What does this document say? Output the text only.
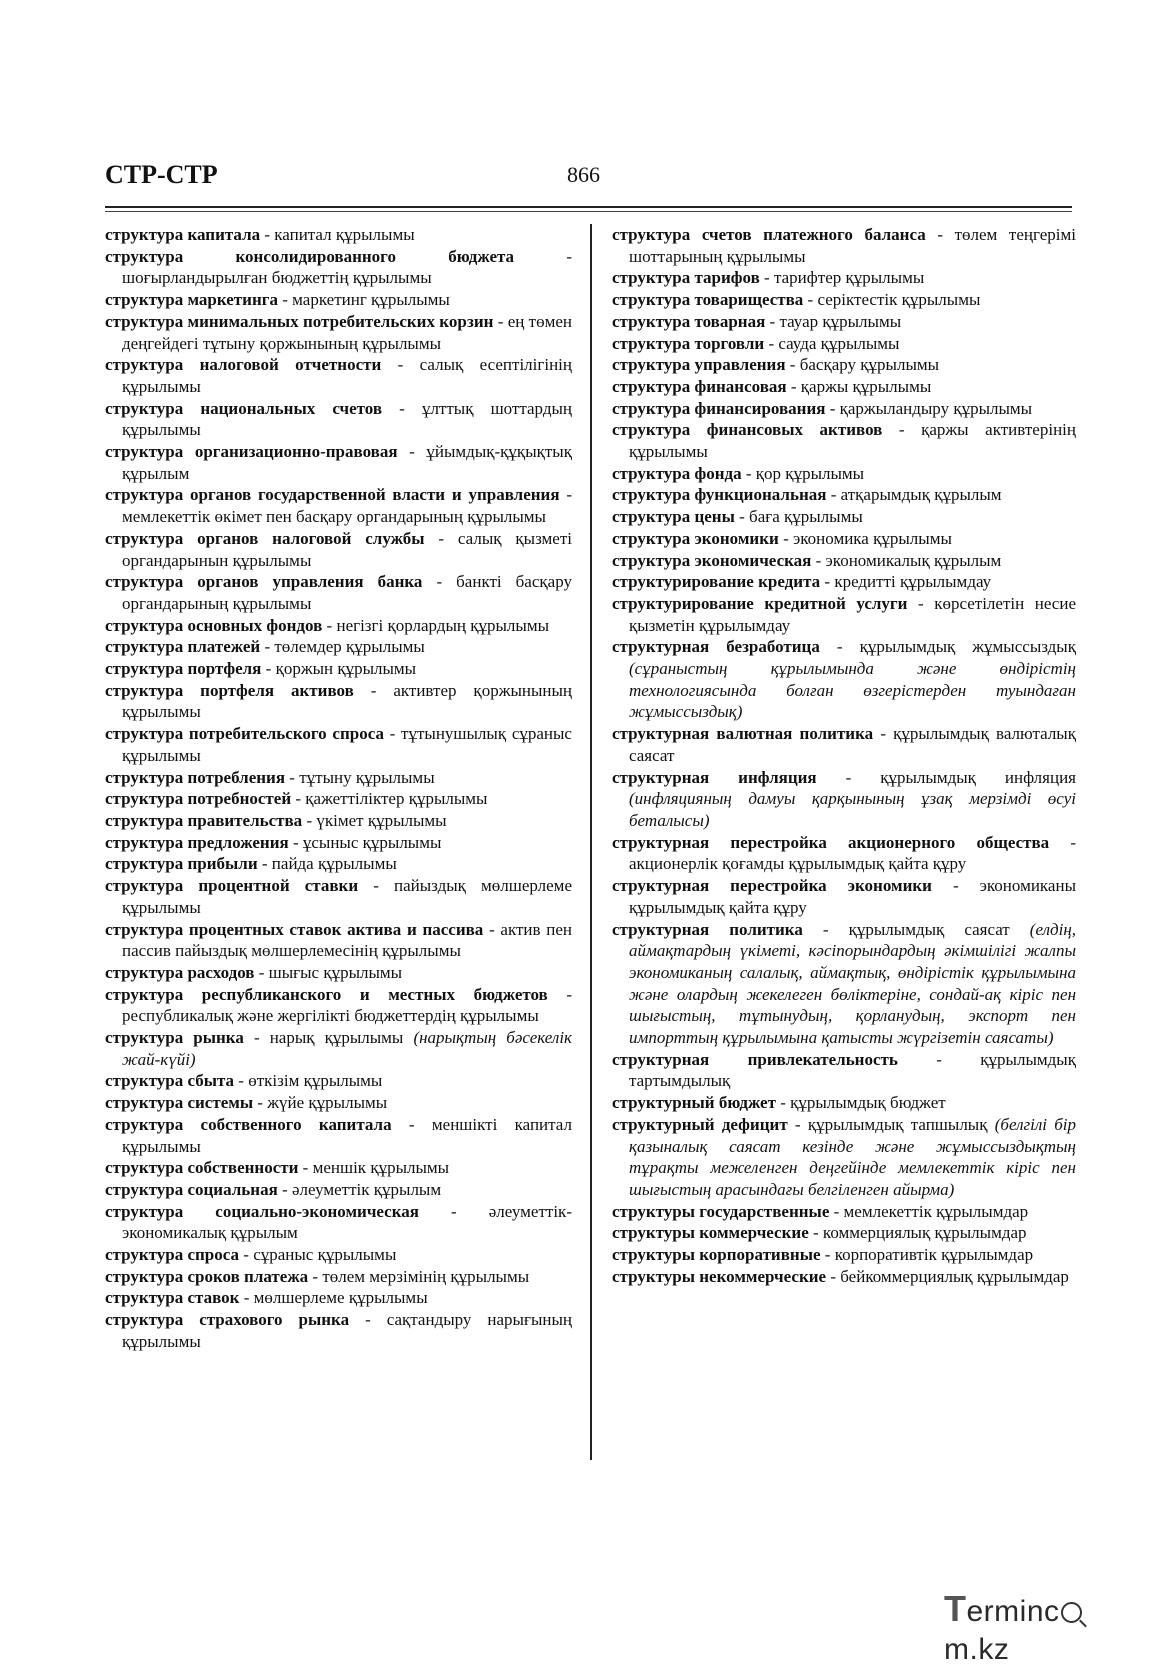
СТР-СТР	866

структура капитала - капитал құрылымы

структура консолидированного бюджета - шоғырландырылған бюджеттің құрылымы

структура маркетинга - маркетинг құрылымы

структура минимальных потребительских корзин - ең төмен деңгейдегі тұтыну қоржынының құрылымы

структура налоговой отчетности - салық есептілігінің құрылымы

структура национальных счетов - ұлттық шоттардың құрылымы

структура организационно-правовая - ұйымдық-құқықтық құрылым

структура органов государственной власти и управления - мемлекеттік өкімет пен басқару органдарының құрылымы

структура органов налоговой службы - салық қызметі органдарынын құрылымы

структура органов управления банка - банкті басқару органдарының құрылымы

структура основных фондов - негізгі қорлардың құрылымы

структура платежей - төлемдер құрылымы

структура портфеля - қоржын құрылымы

структура портфеля активов - активтер қоржынының құрылымы

структура потребительского спроса - тұтынушылық сұраныс құрылымы

структура потребления - тұтыну құрылымы

структура потребностей - қажеттіліктер құрылымы

структура правительства - үкімет құрылымы

структура предложения - ұсыныс құрылымы

структура прибыли - пайда құрылымы

структура процентной ставки - пайыздық мөлшерлеме құрылымы

структура процентных ставок актива и пассива - актив пен пассив пайыздық мөлшерлемесінің құрылымы

структура расходов - шығыс құрылымы

структура республиканского и местных бюджетов - республикалық және жергілікті бюджеттердің құрылымы

структура рынка - нарық құрылымы (нарықтың бәсекелік жай-күйі)

структура сбыта - өткізім құрылымы

структура системы - жүйе құрылымы

структура собственного капитала - меншікті капитал құрылымы

структура собственности - меншік құрылымы

структура социальная - әлеуметтік құрылым

структура социально-экономическая - әлеуметтік-экономикалық құрылым

структура спроса - сұраныс құрылымы

структура сроков платежа - төлем мерзімінің құрылымы

структура ставок - мөлшерлеме құрылымы

структура страхового рынка - сақтандыру нарығының құрылымы

структура счетов платежного баланса - төлем теңгерімі шоттарының құрылымы

структура тарифов - тарифтер құрылымы

структура товарищества - серіктестік құрылымы

структура товарная - тауар құрылымы

структура торговли - сауда құрылымы

структура управления - басқару құрылымы

структура финансовая - қаржы құрылымы

структура финансирования - қаржыландыру құрылымы

структура финансовых активов - қаржы активтерінің құрылымы

структура фонда - қор құрылымы

структура функциональная - атқарымдық құрылым

структура цены - баға құрылымы

структура экономики - экономика құрылымы

структура экономическая - экономикалық құрылым

структурирование кредита - кредитті құрылымдау

структурирование кредитной услуги - көрсетілетін несие қызметін құрылымдау

структурная безработица - құрылымдық жұмыссыздық (сұраныстың құрылымында және өндірістің технологиясында болған өзгерістерден туындаған жұмыссыздық)

структурная валютная политика - құрылымдық валюталық саясат

структурная инфляция - құрылымдық инфляция (инфляцияның дамуы қарқынының ұзақ мерзімді өсуі беталысы)

структурная перестройка акционерного общества - акционерлік қоғамды құрылымдық қайта құру

структурная перестройка экономики - экономиканы құрылымдық қайта құру

структурная политика - құрылымдық саясат (елдің, аймақтардың үкіметі, кәсіпорындардың әкімшілігі жалпы экономиканың салалық, аймақтық, өндірістік құрылымына және олардың жекелеген бөліктеріне, сондай-ақ кіріс пен шығыстың, тұтынудың, қорланудың, экспорт пен импорттың құрылымына қатысты жүргізетін саясаты)

структурная привлекательность - құрылымдық тартымдылық

структурный бюджет - құрылымдық бюджет

структурный дефицит - құрылымдық тапшылық (белгілі бір қазыналық саясат кезінде және жұмыссыздықтың тұрақты межеленген деңгейінде мемлекеттік кіріс пен шығыстың арасындағы белгіленген айырма)

структуры государственные - мемлекеттік құрылымдар

структуры коммерческие - коммерциялық құрылымдар

структуры корпоративные - корпоративтік құрылымдар

структуры некоммерческие - бейкоммерциялық құрылымдар

Termincm.kz
